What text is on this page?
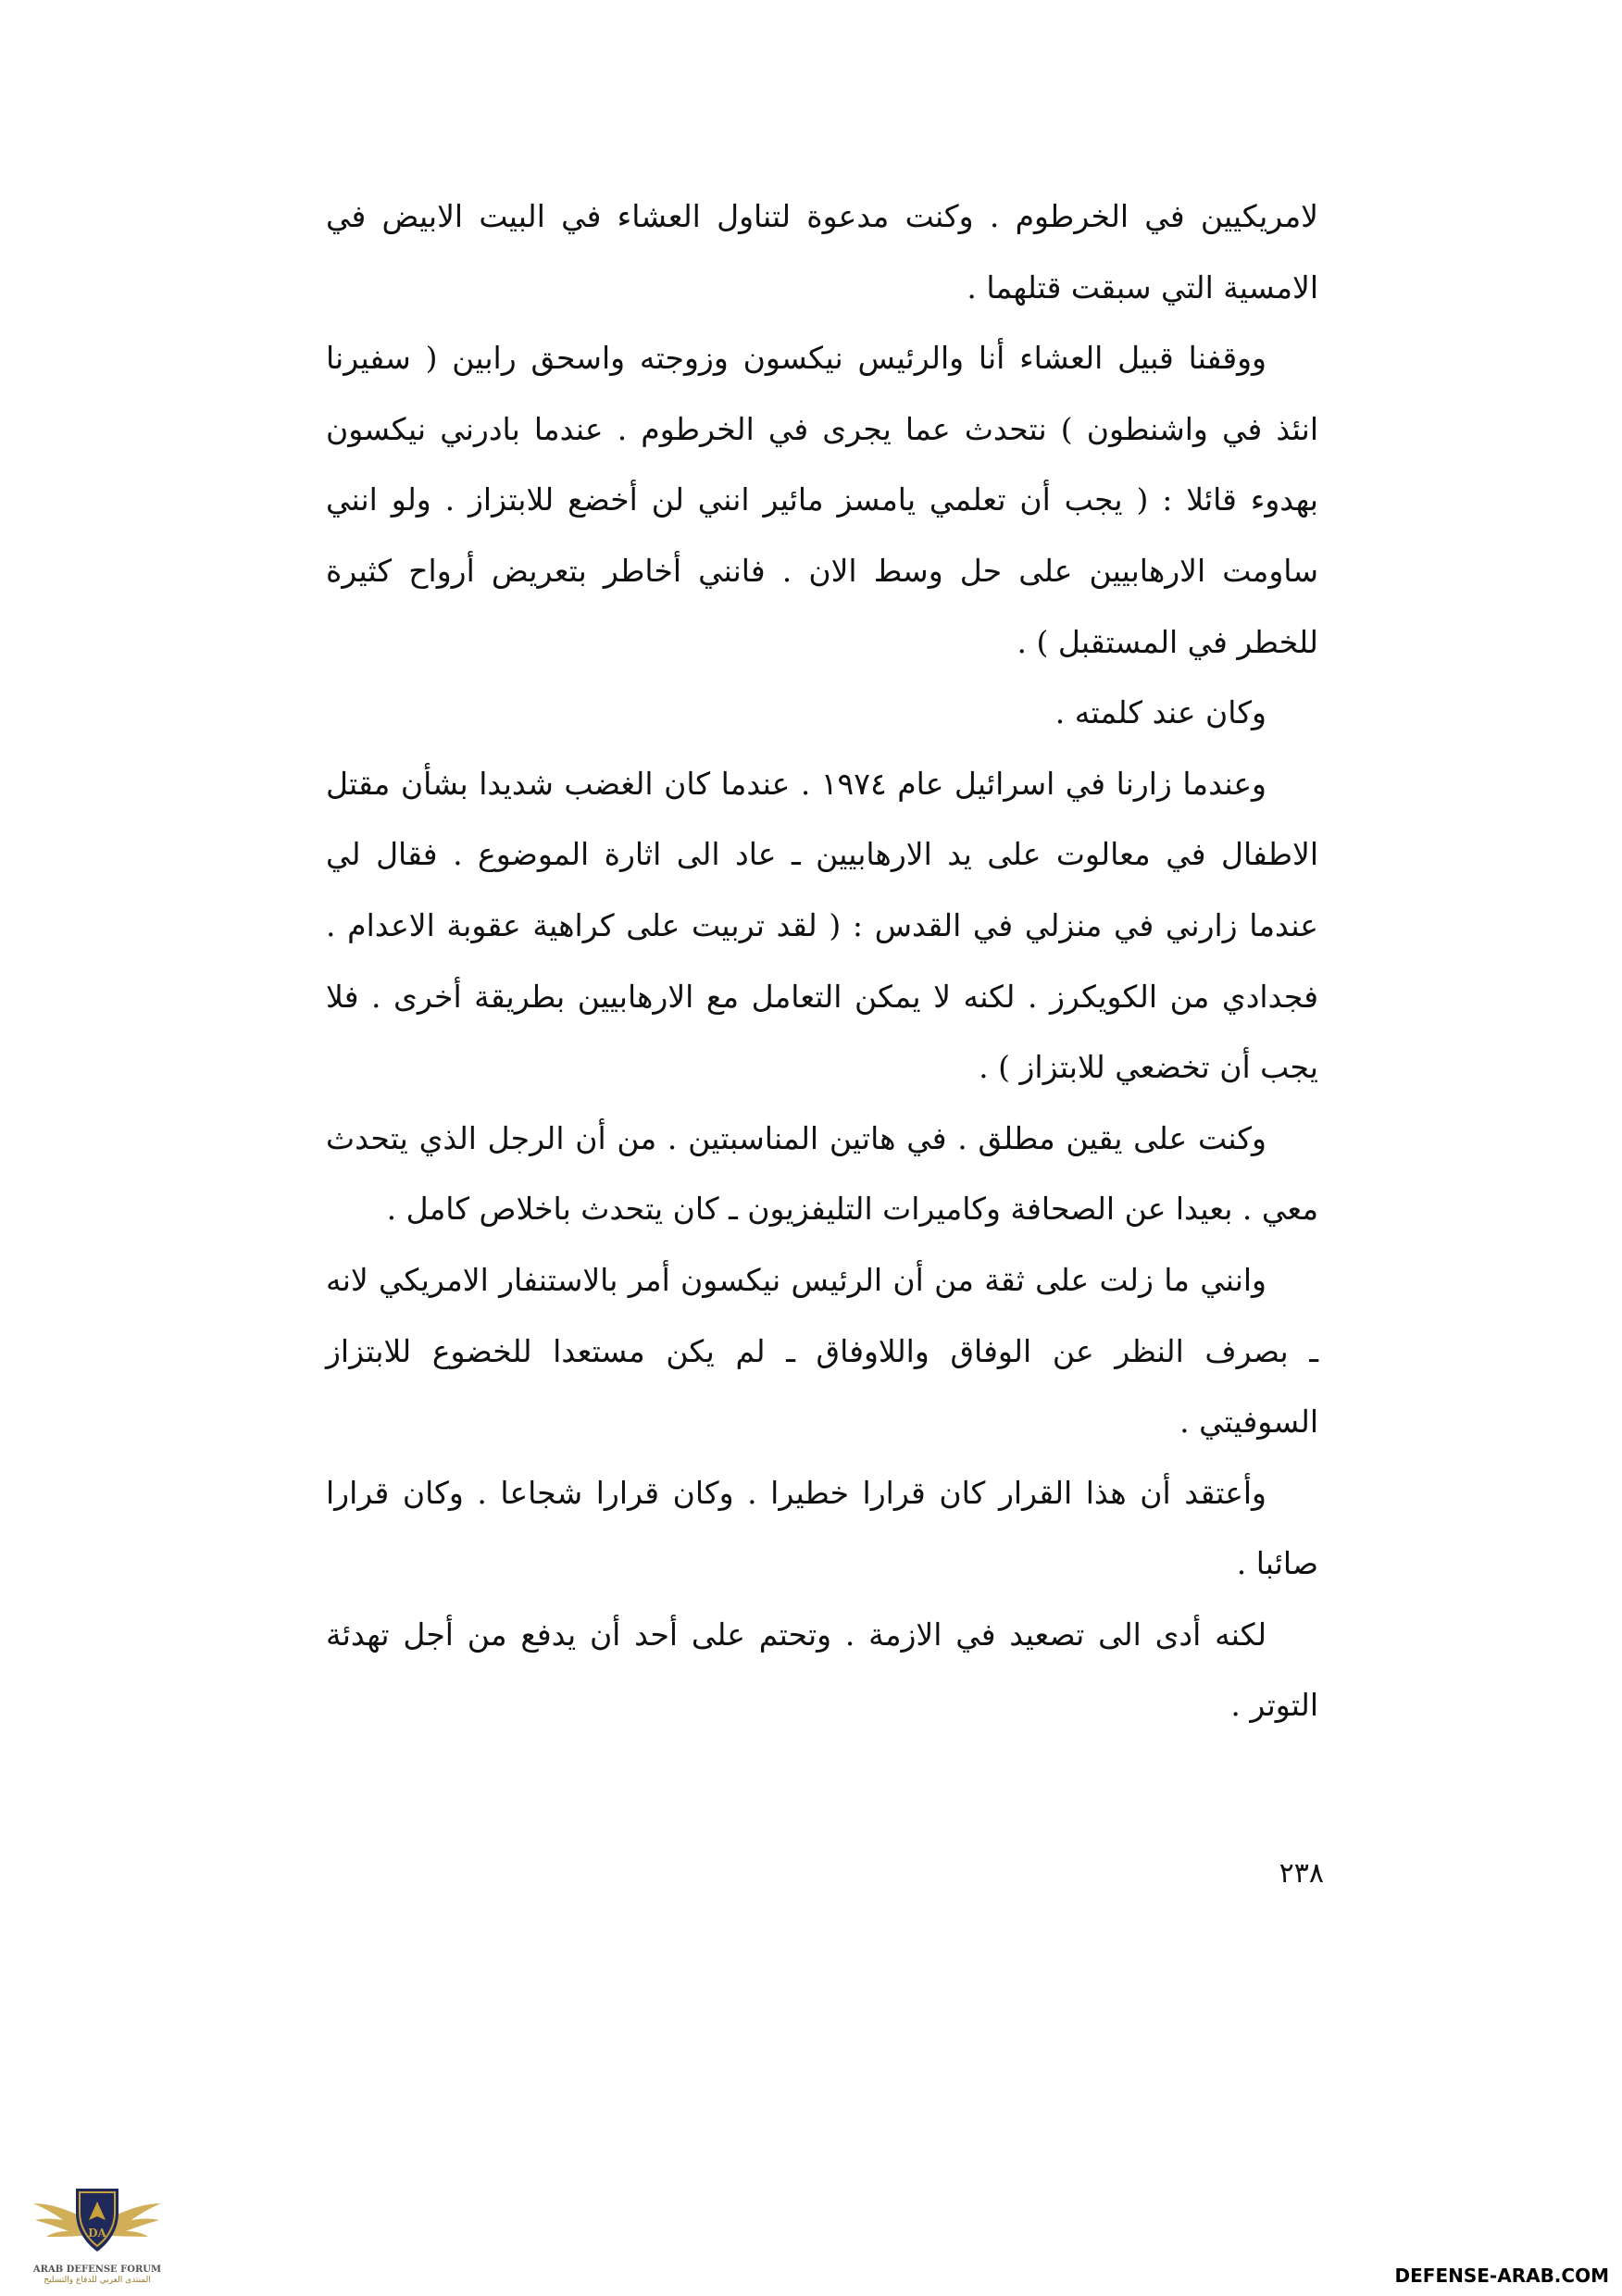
لامريكيين في الخرطوم . وكنت مدعوة لتناول العشاء في البيت الابيض في الامسية التي سبقت قتلهما .

ووقفنا قبيل العشاء أنا والرئيس نيكسون وزوجته واسحق رابين ( سفيرنا انئذ في واشنطون ) نتحدث عما يجرى في الخرطوم . عندما بادرني نيكسون بهدوء قائلا : ( يجب أن تعلمي يامسز مائير انني لن أخضع للابتزاز . ولو انني ساومت الارهابيين على حل وسط الان . فانني أخاطر بتعريض أرواح كثيرة للخطر في المستقبل ) .

وكان عند كلمته .

وعندما زارنا في اسرائيل عام ١٩٧٤ . عندما كان الغضب شديدا بشأن مقتل الاطفال في معالوت على يد الارهابيين ـ عاد الى اثارة الموضوع . فقال لي عندما زارني في منزلي في القدس : ( لقد تربيت على كراهية عقوبة الاعدام . فجدادي من الكويكرز . لكنه لا يمكن التعامل مع الارهابيين بطريقة أخرى . فلا يجب أن تخضعي للابتزاز ) .

وكنت على يقين مطلق . في هاتين المناسبتين . من أن الرجل الذي يتحدث معي . بعيدا عن الصحافة وكاميرات التليفزيون ـ كان يتحدث باخلاص كامل .

وانني ما زلت على ثقة من أن الرئيس نيكسون أمر بالاستنفار الامريكي لانه ـ بصرف النظر عن الوفاق واللاوفاق ـ لم يكن مستعدا للخضوع للابتزاز السوفيتي .

وأعتقد أن هذا القرار كان قرارا خطيرا . وكان قرارا شجاعا . وكان قرارا صائبا .

لكنه أدى الى تصعيد في الازمة . وتحتم على أحد أن يدفع من أجل تهدئة التوتر .

٢٣٨
DA
ARAB DEFENSE FORUM
المنتدى العربي للدفاع والتسليح	DEFENSE-ARAB.COM
